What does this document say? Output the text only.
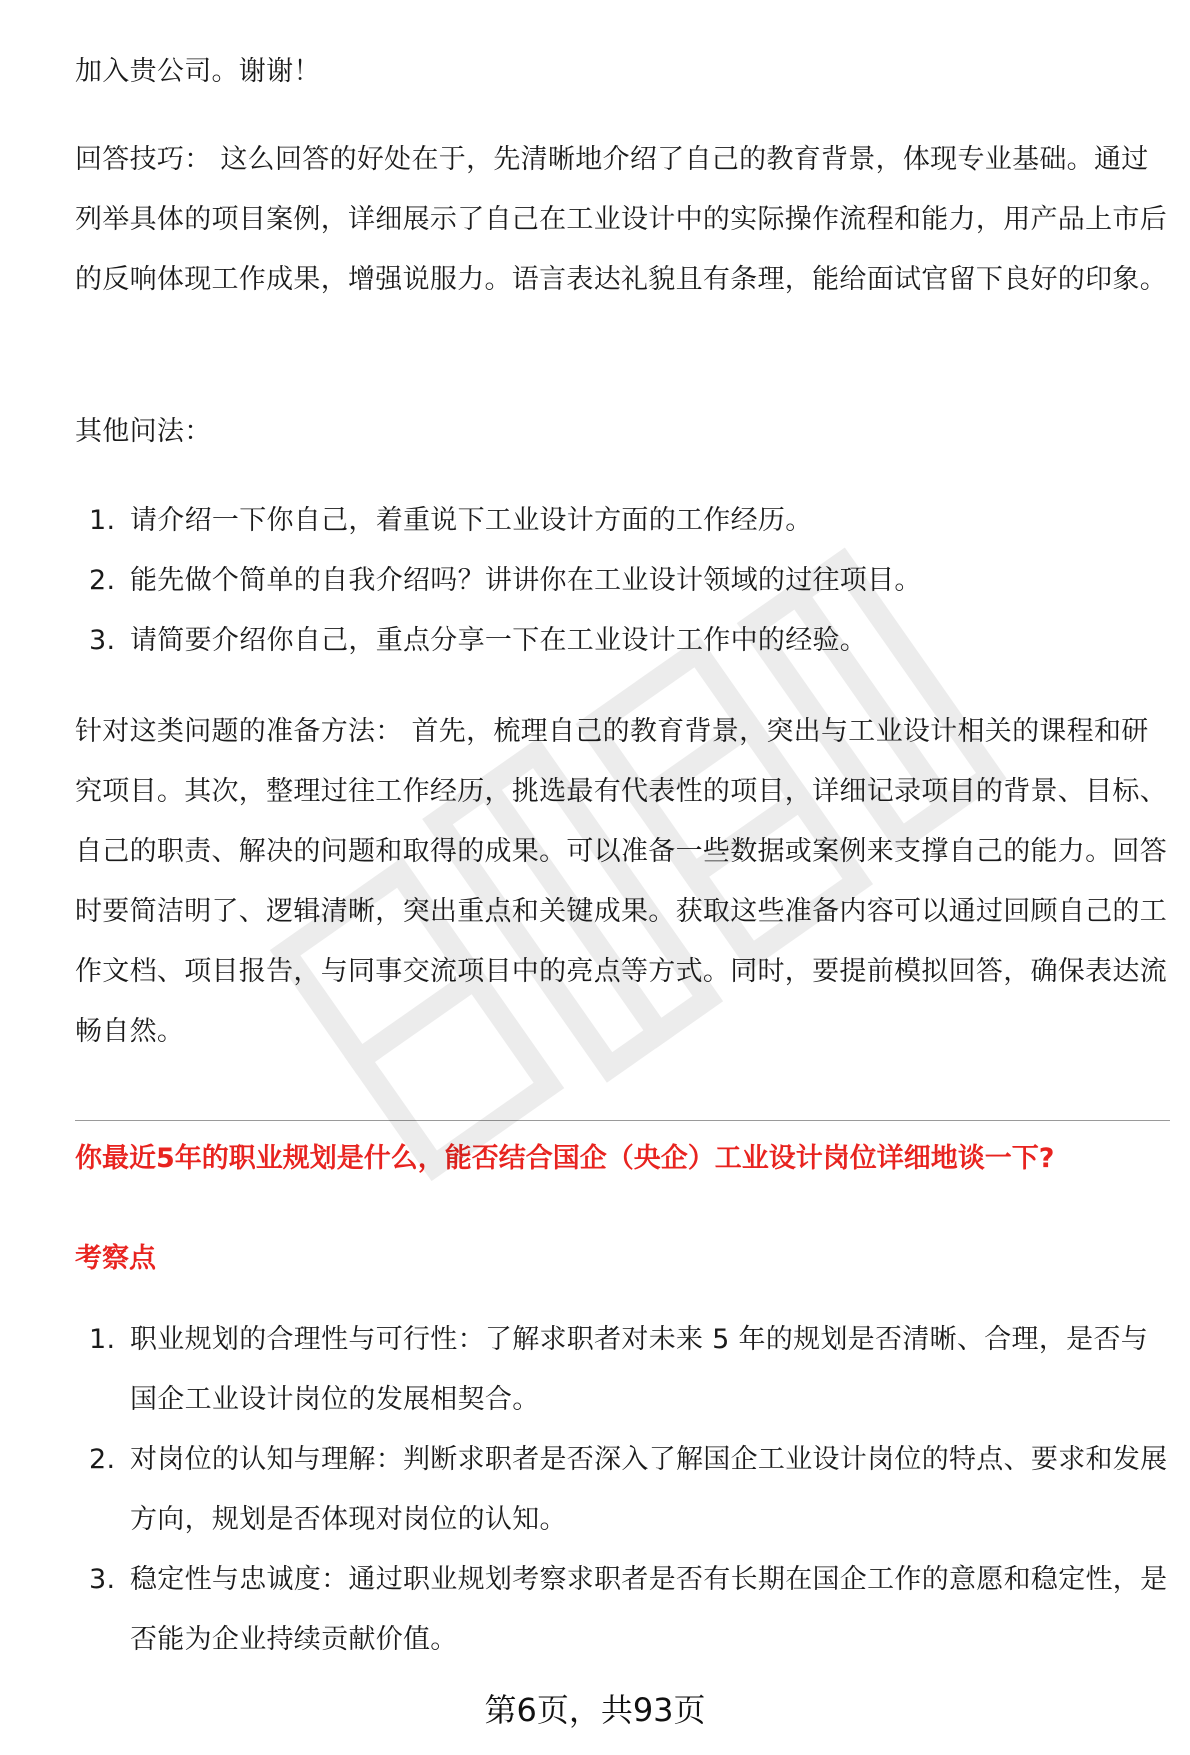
加入贵公司。谢谢！

回答技巧： 这么回答的好处在于，先清晰地介绍了自己的教育背景，体现专业基础。通过列举具体的项目案例，详细展示了自己在工业设计中的实际操作流程和能力，用产品上市后的反响体现工作成果，增强说服力。语言表达礼貌且有条理，能给面试官留下良好的印象。

其他问法：

1. 请介绍一下你自己，着重说下工业设计方面的工作经历。
2. 能先做个简单的自我介绍吗？讲讲你在工业设计领域的过往项目。
3. 请简要介绍你自己，重点分享一下在工业设计工作中的经验。

针对这类问题的准备方法： 首先，梳理自己的教育背景，突出与工业设计相关的课程和研究项目。其次，整理过往工作经历，挑选最有代表性的项目，详细记录项目的背景、目标、自己的职责、解决的问题和取得的成果。可以准备一些数据或案例来支撑自己的能力。回答时要简洁明了、逻辑清晰，突出重点和关键成果。获取这些准备内容可以通过回顾自己的工作文档、项目报告，与同事交流项目中的亮点等方式。同时，要提前模拟回答，确保表达流畅自然。

你最近5年的职业规划是什么，能否结合国企（央企）工业设计岗位详细地谈一下?

考察点

1. 职业规划的合理性与可行性：了解求职者对未来 5 年的规划是否清晰、合理，是否与国企工业设计岗位的发展相契合。
2. 对岗位的认知与理解：判断求职者是否深入了解国企工业设计岗位的特点、要求和发展方向，规划是否体现对岗位的认知。
3. 稳定性与忠诚度：通过职业规划考察求职者是否有长期在国企工作的意愿和稳定性，是否能为企业持续贡献价值。
第6页，共93页
